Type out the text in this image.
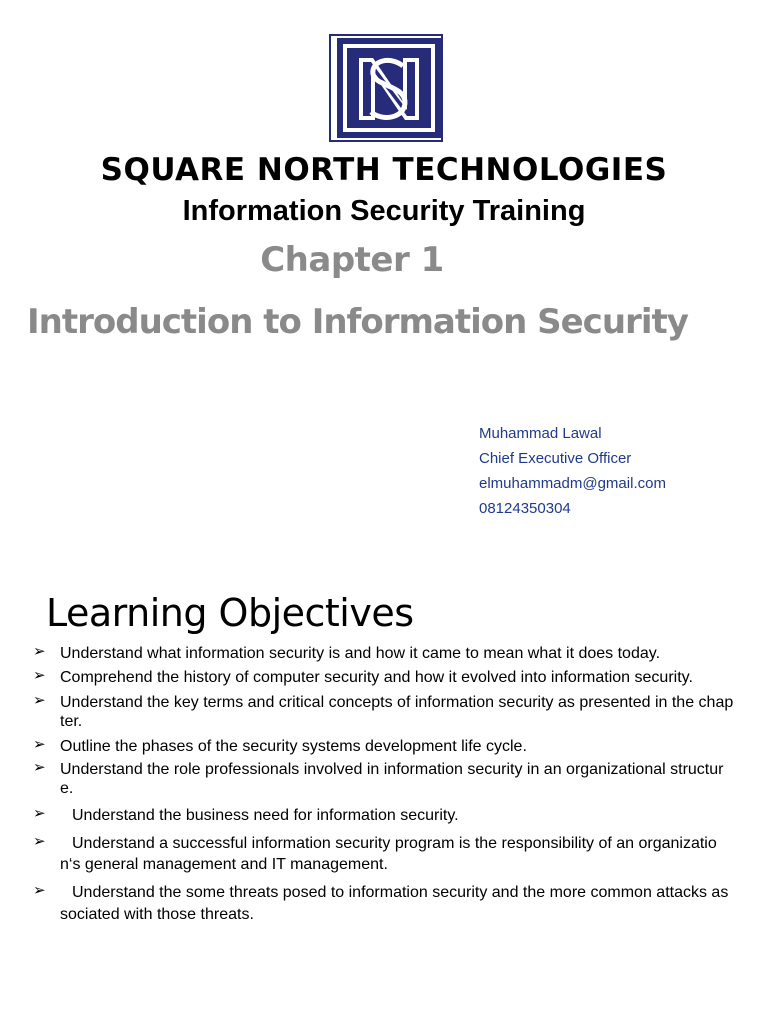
SQUARE NORTH TECHNOLOGIES
Information Security Training
Chapter 1
Introduction to Information Security
Muhammad Lawal
Chief Executive Officer
elmuhammadm@gmail.com
08124350304
Learning Objectives
➢ Understand what information security is and how it came to mean what it does today.
➢ Comprehend the history of computer security and how it evolved into information security.
➢ Understand the key terms and critical concepts of information security as presented in the chapter.
➢ Outline the phases of the security systems development life cycle.
➢ Understand the role professionals involved in information security in an organizational structure.
➢ Understand the business need for information security.
➢	Understand a successful information security program is the responsibility of an organization‘s general management and IT management.
➢	Understand the some threats posed to information security and the more common attacks associated with those threats.
